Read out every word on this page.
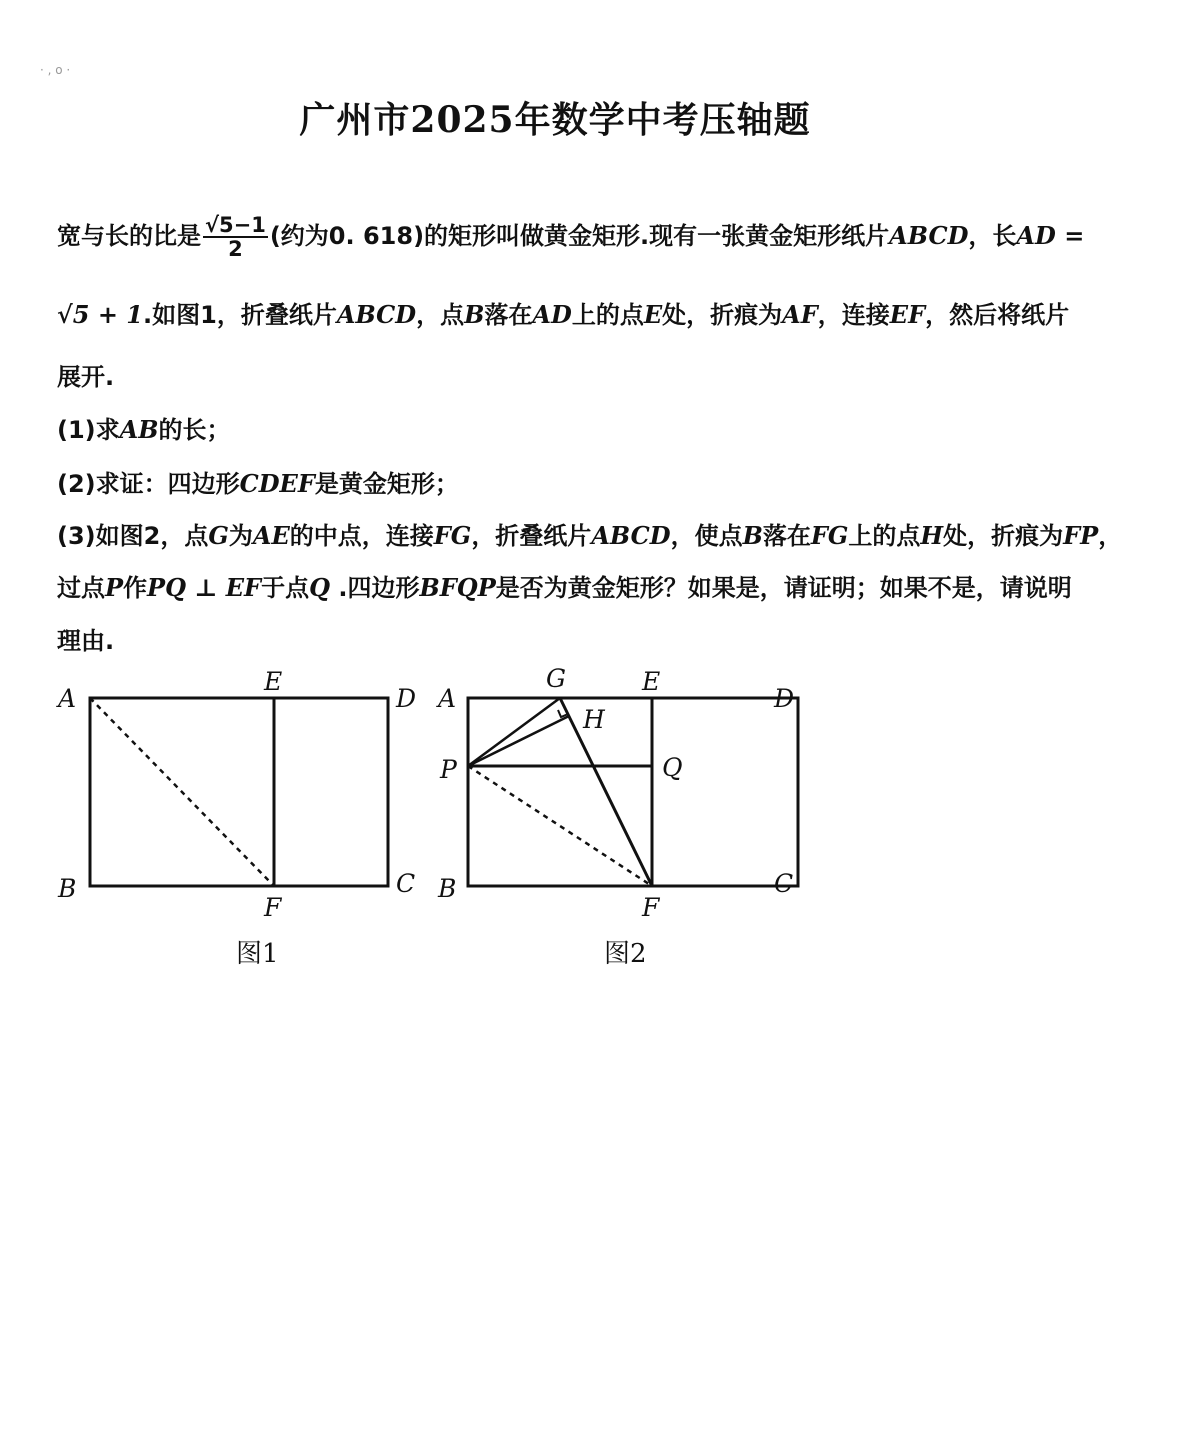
· , o ·
广州市2025年数学中考压轴题
宽与长的比是 $\frac{√5-1}{2}$ (约为0. 618)的矩形叫做黄金矩形.现有一张黄金矩形纸片ABCD，长AD =
√5 + 1.如图1，折叠纸片ABCD，点B落在AD上的点E处，折痕为AF，连接EF，然后将纸片
展开.
(1)求AB的长；
(2)求证：四边形CDEF是黄金矩形；
(3)如图2，点G为AE的中点，连接FG，折叠纸片ABCD，使点B落在FG上的点H处，折痕为FP，
过点P作PQ ⊥ EF于点Q .四边形BFQP是否为黄金矩形？如果是，请证明；如果不是，请说明
理由.
A
E
D
B	C
F
图1
A
G	E
D
H
P	Q
B	C
F
图2
